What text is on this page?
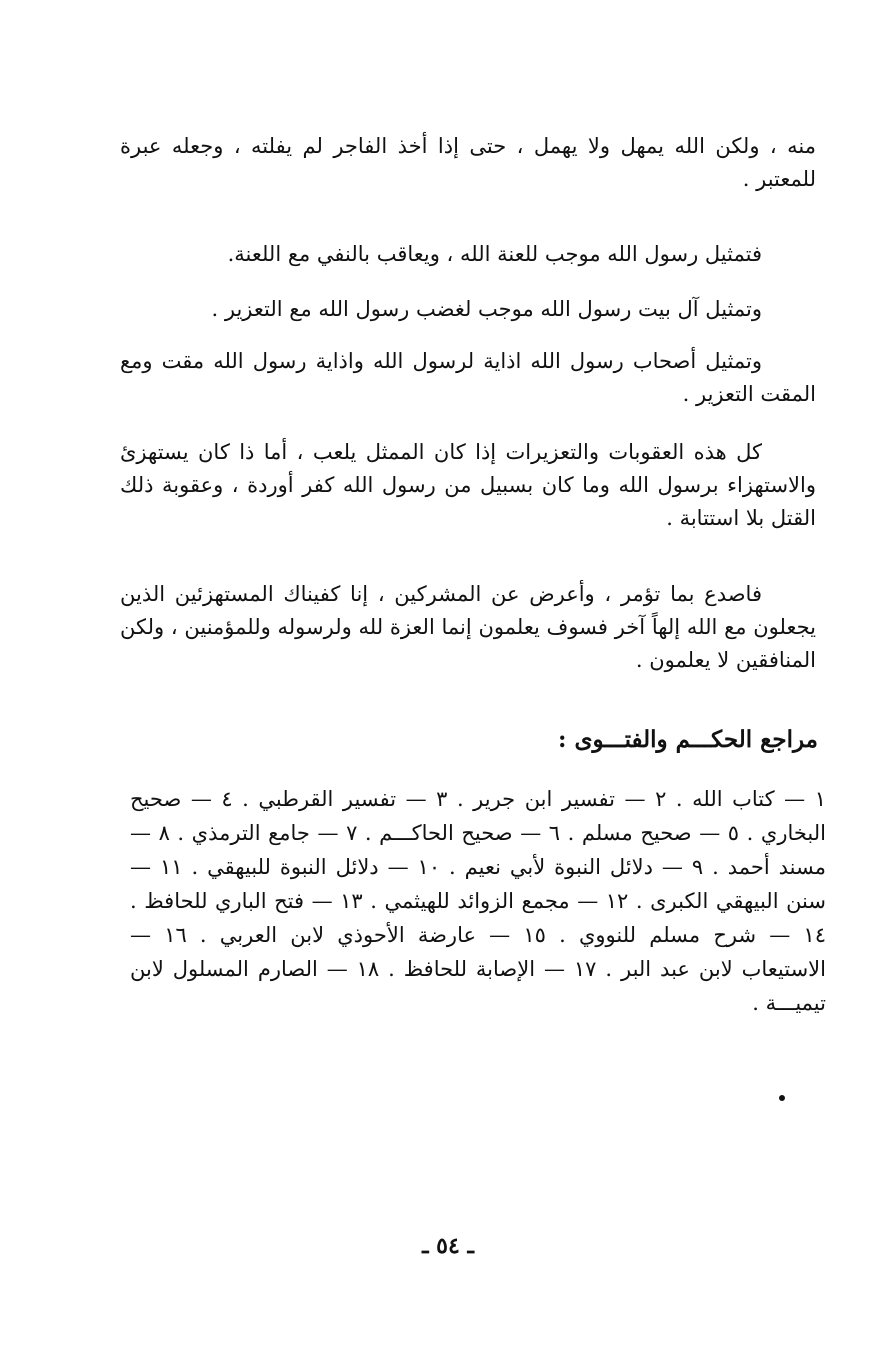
منه ، ولكن الله يمهل ولا يهمل ، حتى إذا أخذ الفاجر لم يفلته ، وجعله عبرة للمعتبر .

فتمثيل رسول الله موجب للعنة الله ، ويعاقب بالنفي مع اللعنة.

وتمثيل آل بيت رسول الله موجب لغضب رسول الله مع التعزير .

وتمثيل أصحاب رسول الله اذاية لرسول الله واذاية رسول الله مقت ومع المقت التعزير .

كل هذه العقوبات والتعزيرات إذا كان الممثل يلعب ، أما ذا كان يستهزئ والاستهزاء برسول الله وما كان بسبيل من رسول الله كفر أوردة ، وعقوبة ذلك القتل بلا استتابة .

فاصدع بما تؤمر ، وأعرض عن المشركين ، إنا كفيناك المستهزئين الذين يجعلون مع الله إلهاً آخر فسوف يعلمون إنما العزة لله ولرسوله وللمؤمنين ، ولكن المنافقين لا يعلمون .

مراجع الحكـــم والفتـــوى :

١ — كتاب الله . ٢ — تفسير ابن جرير . ٣ — تفسير القرطبي . ٤ — صحيح البخاري . ٥ — صحيح مسلم . ٦ — صحيح الحاكـــم . ٧ — جامع الترمذي . ٨ — مسند أحمد . ٩ — دلائل النبوة لأبي نعيم . ١٠ — دلائل النبوة للبيهقي . ١١ — سنن البيهقي الكبرى . ١٢ — مجمع الزوائد للهيثمي . ١٣ — فتح الباري للحافظ . ١٤ — شرح مسلم للنووي . ١٥ — عارضة الأحوذي لابن العربي . ١٦ — الاستيعاب لابن عبد البر . ١٧ — الإصابة للحافظ . ١٨ — الصارم المسلول لابن تيميـــة .

ـ ٥٤ ـ
